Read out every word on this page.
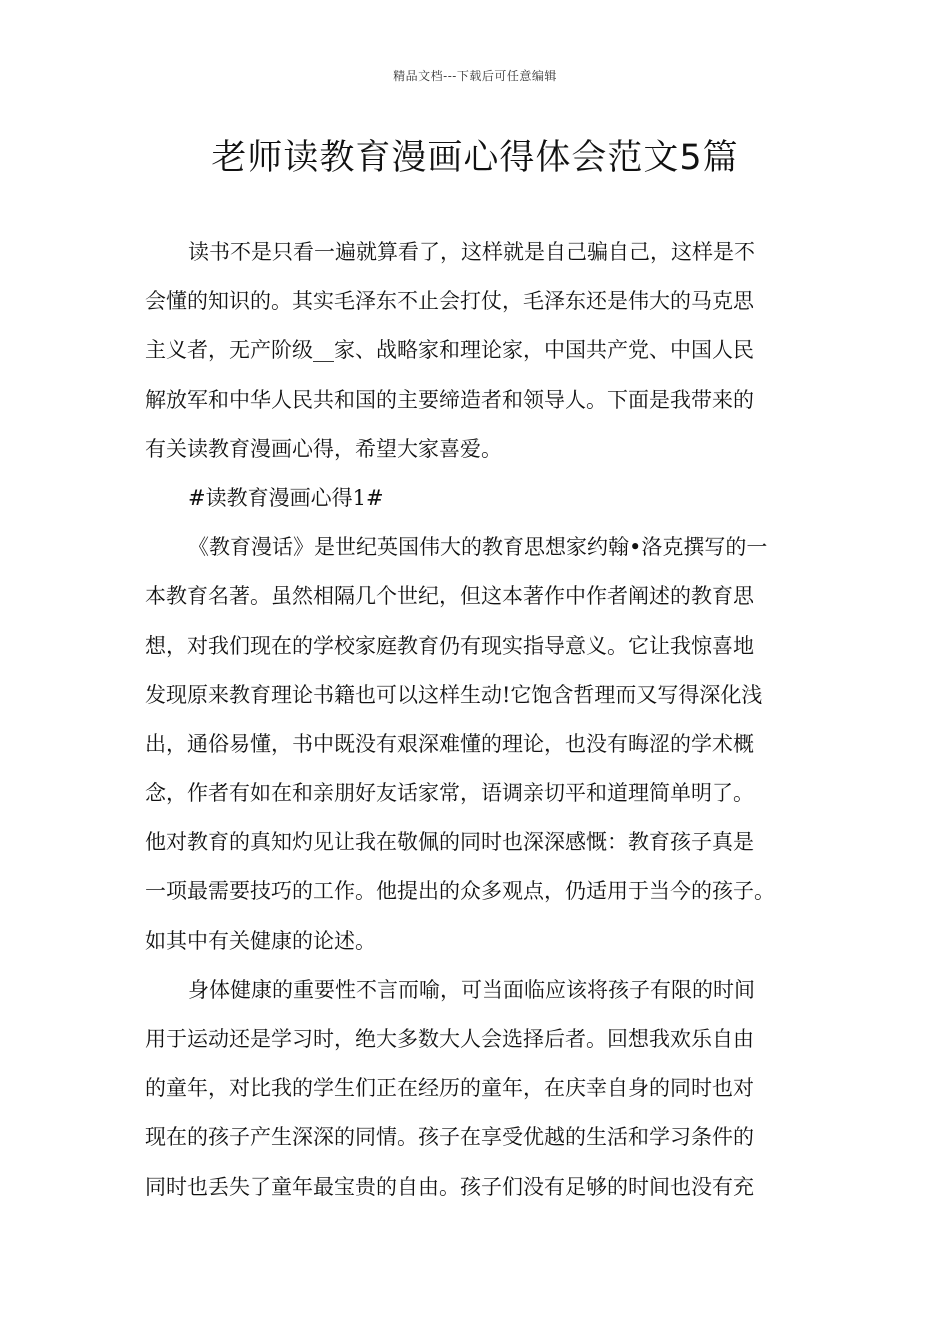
精品文档---下载后可任意编辑
老师读教育漫画心得体会范文5篇
读书不是只看一遍就算看了，这样就是自己骗自己，这样是不
会懂的知识的。其实毛泽东不止会打仗，毛泽东还是伟大的马克思
主义者，无产阶级__家、战略家和理论家，中国共产党、中国人民
解放军和中华人民共和国的主要缔造者和领导人。下面是我带来的
有关读教育漫画心得，希望大家喜爱。
#读教育漫画心得1#
《教育漫话》是世纪英国伟大的教育思想家约翰•洛克撰写的一
本教育名著。虽然相隔几个世纪，但这本著作中作者阐述的教育思
想，对我们现在的学校家庭教育仍有现实指导意义。它让我惊喜地
发现原来教育理论书籍也可以这样生动!它饱含哲理而又写得深化浅
出，通俗易懂，书中既没有艰深难懂的理论，也没有晦涩的学术概
念，作者有如在和亲朋好友话家常，语调亲切平和道理简单明了。
他对教育的真知灼见让我在敬佩的同时也深深感慨：教育孩子真是
一项最需要技巧的工作。他提出的众多观点，仍适用于当今的孩子。
如其中有关健康的论述。
身体健康的重要性不言而喻，可当面临应该将孩子有限的时间
用于运动还是学习时，绝大多数大人会选择后者。回想我欢乐自由
的童年，对比我的学生们正在经历的童年，在庆幸自身的同时也对
现在的孩子产生深深的同情。孩子在享受优越的生活和学习条件的
同时也丢失了童年最宝贵的自由。孩子们没有足够的时间也没有充
